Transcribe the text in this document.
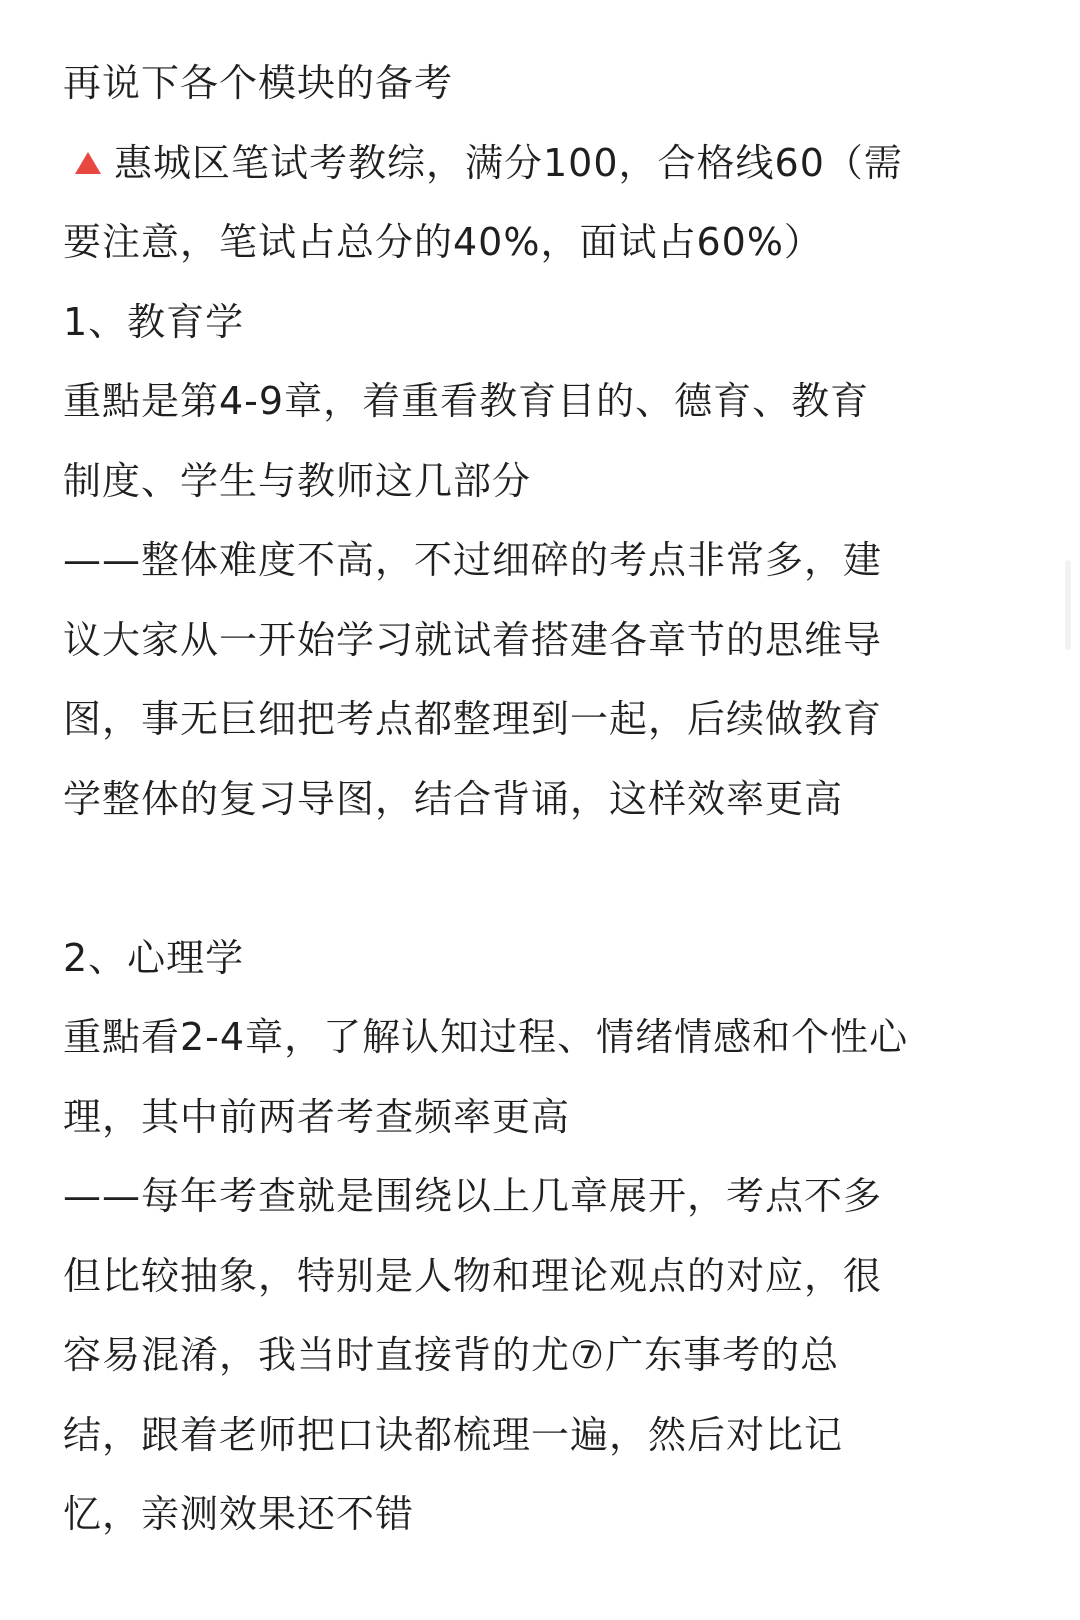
再说下各个模块的备考
惠城区笔试考教综，满分100，合格线60（需
要注意，笔试占总分的40%，面试占60%）
1、教育学
重點是第4-9章，着重看教育目的、德育、教育
制度、学生与教师这几部分
——整体难度不高，不过细碎的考点非常多，建
议大家从一开始学习就试着搭建各章节的思维导
图，事无巨细把考点都整理到一起，后续做教育
学整体的复习导图，结合背诵，这样效率更高
2、心理学
重點看2-4章，了解认知过程、情绪情感和个性心
理，其中前两者考查频率更高
——每年考查就是围绕以上几章展开，考点不多
但比较抽象，特别是人物和理论观点的对应，很
容易混淆，我当时直接背的尤⑦广东事考的总
结，跟着老师把口诀都梳理一遍，然后对比记
忆，亲测效果还不错
